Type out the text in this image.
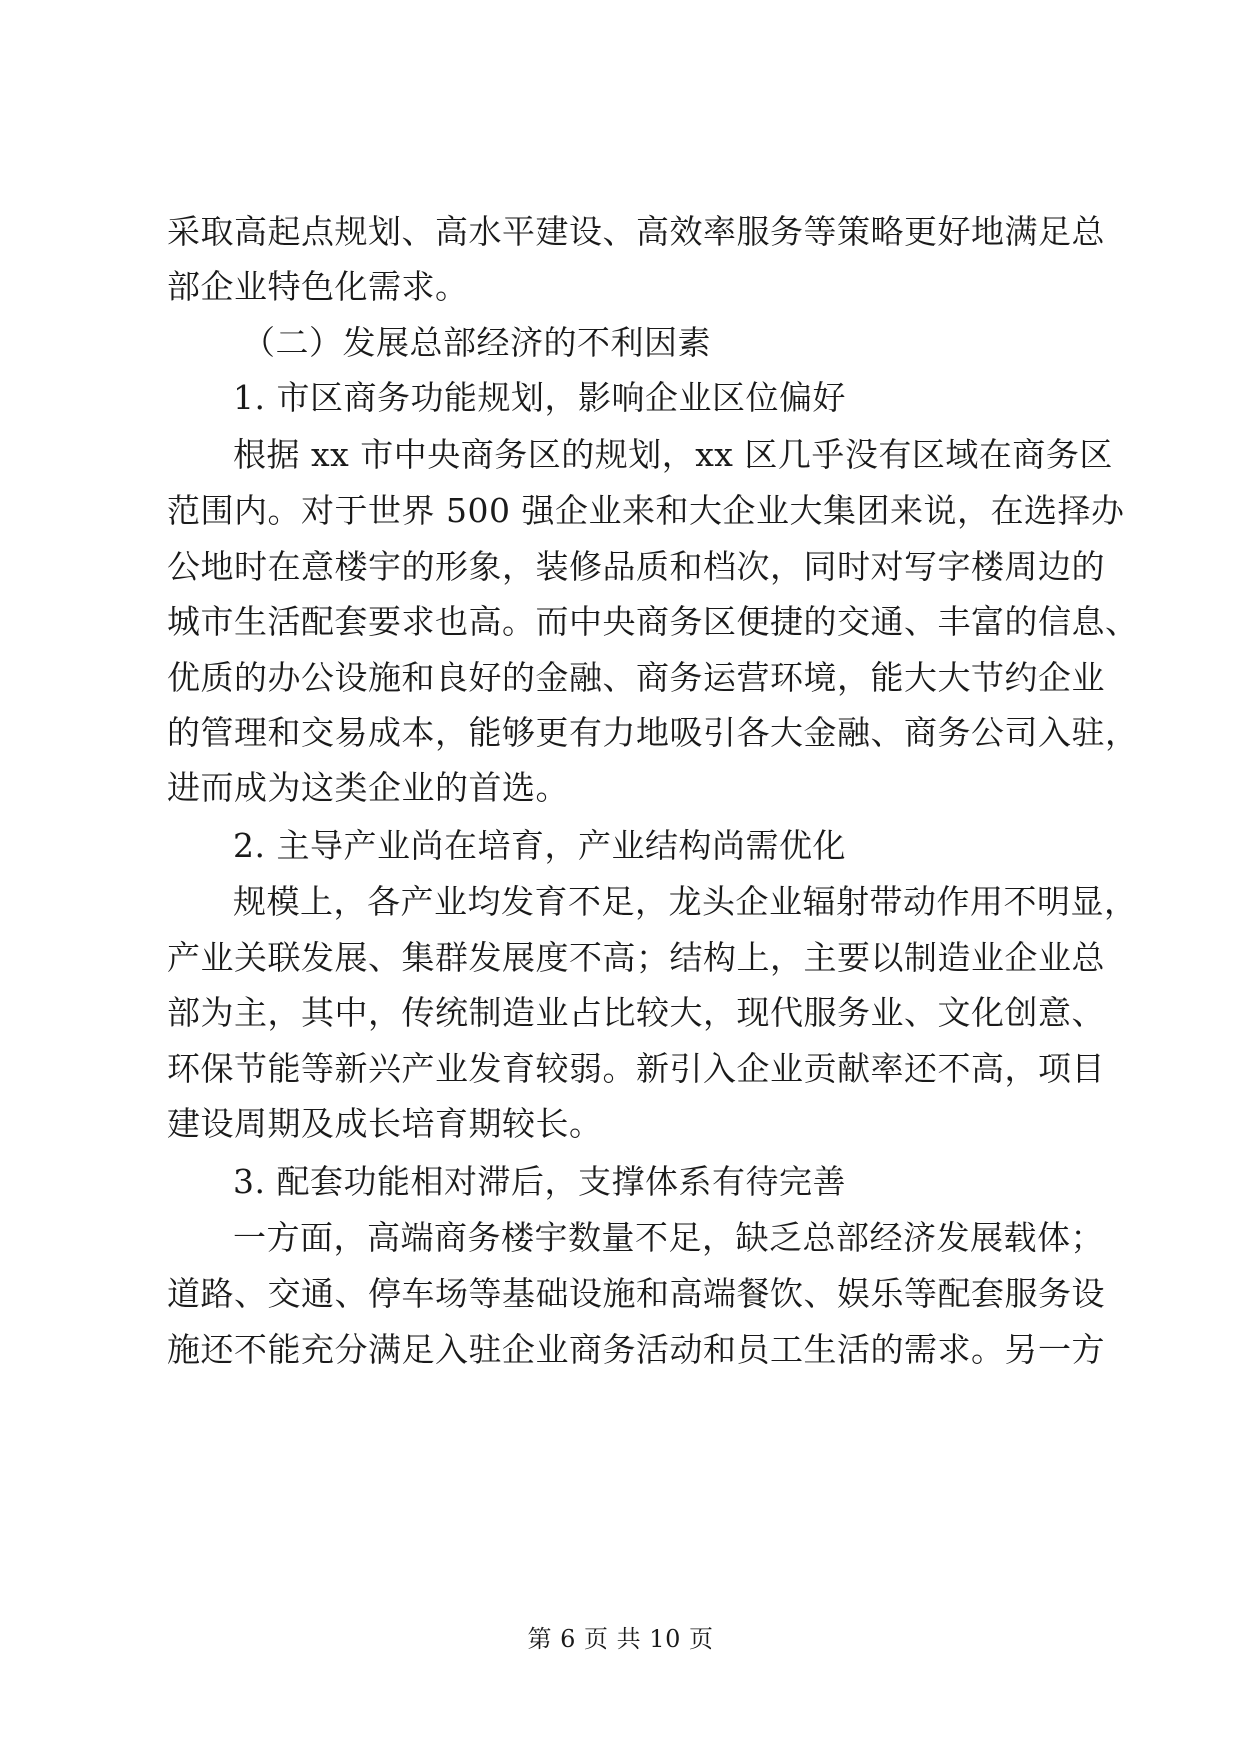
采取高起点规划、高水平建设、高效率服务等策略更好地满足总
部企业特色化需求。
（二）发展总部经济的不利因素
1. 市区商务功能规划，影响企业区位偏好
根据 xx 市中央商务区的规划，xx 区几乎没有区域在商务区
范围内。对于世界 500 强企业来和大企业大集团来说，在选择办
公地时在意楼宇的形象，装修品质和档次，同时对写字楼周边的
城市生活配套要求也高。而中央商务区便捷的交通、丰富的信息、
优质的办公设施和良好的金融、商务运营环境，能大大节约企业
的管理和交易成本，能够更有力地吸引各大金融、商务公司入驻，
进而成为这类企业的首选。
2. 主导产业尚在培育，产业结构尚需优化
规模上，各产业均发育不足，龙头企业辐射带动作用不明显，
产业关联发展、集群发展度不高；结构上，主要以制造业企业总
部为主，其中，传统制造业占比较大，现代服务业、文化创意、
环保节能等新兴产业发育较弱。新引入企业贡献率还不高，项目
建设周期及成长培育期较长。
3. 配套功能相对滞后，支撑体系有待完善
一方面，高端商务楼宇数量不足，缺乏总部经济发展载体；
道路、交通、停车场等基础设施和高端餐饮、娱乐等配套服务设
施还不能充分满足入驻企业商务活动和员工生活的需求。另一方
第 6 页 共 10 页
